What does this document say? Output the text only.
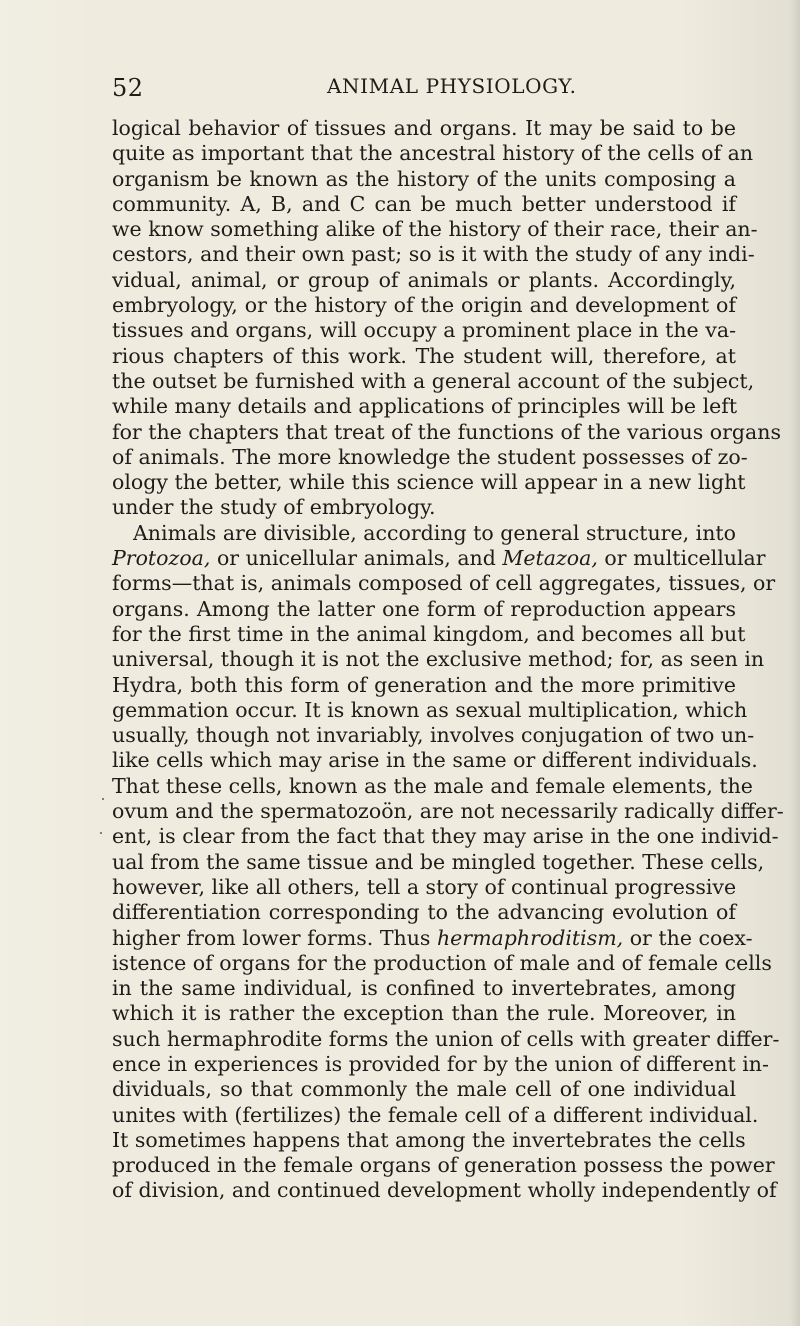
52	ANIMAL PHYSIOLOGY.
logical behavior of tissues and organs. It may be said to be
quite as important that the ancestral history of the cells of an
organism be known as the history of the units composing a
community. A, B, and C can be much better understood if
we know something alike of the history of their race, their an-
cestors, and their own past; so is it with the study of any indi-
vidual, animal, or group of animals or plants. Accordingly,
embryology, or the history of the origin and development of
tissues and organs, will occupy a prominent place in the va-
rious chapters of this work. The student will, therefore, at
the outset be furnished with a general account of the subject,
while many details and applications of principles will be left
for the chapters that treat of the functions of the various organs
of animals. The more knowledge the student possesses of zo-
ology the better, while this science will appear in a new light
under the study of embryology.
Animals are divisible, according to general structure, into
Protozoa, or unicellular animals, and Metazoa, or multicellular
forms—that is, animals composed of cell aggregates, tissues, or
organs. Among the latter one form of reproduction appears
for the first time in the animal kingdom, and becomes all but
universal, though it is not the exclusive method; for, as seen in
Hydra, both this form of generation and the more primitive
gemmation occur. It is known as sexual multiplication, which
usually, though not invariably, involves conjugation of two un-
like cells which may arise in the same or different individuals.
That these cells, known as the male and female elements, the
ovum and the spermatozoön, are not necessarily radically differ-
ent, is clear from the fact that they may arise in the one individ-
ual from the same tissue and be mingled together. These cells,
however, like all others, tell a story of continual progressive
differentiation corresponding to the advancing evolution of
higher from lower forms. Thus hermaphroditism, or the coex-
istence of organs for the production of male and of female cells
in the same individual, is confined to invertebrates, among
which it is rather the exception than the rule. Moreover, in
such hermaphrodite forms the union of cells with greater differ-
ence in experiences is provided for by the union of different in-
dividuals, so that commonly the male cell of one individual
unites with (fertilizes) the female cell of a different individual.
It sometimes happens that among the invertebrates the cells
produced in the female organs of generation possess the power
of division, and continued development wholly independently of
